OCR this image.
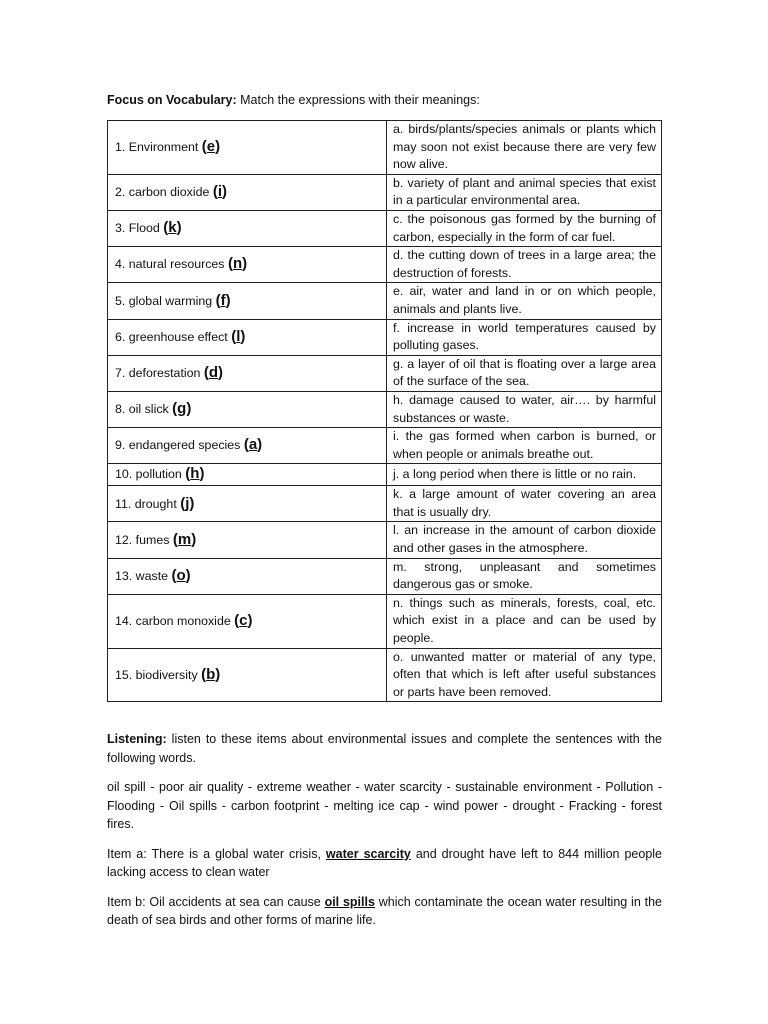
Focus on Vocabulary: Match the expressions with their meanings:

1. Environment (e)	a. birds/plants/species animals or plants which may soon not exist because there are very few now alive.
2. carbon dioxide (i)	b. variety of plant and animal species that exist in a particular environmental area.
3. Flood (k)	c. the poisonous gas formed by the burning of carbon, especially in the form of car fuel.
4. natural resources (n)	d. the cutting down of trees in a large area; the destruction of forests.
5. global warming (f)	e. air, water and land in or on which people, animals and plants live.
6. greenhouse effect (l)	f. increase in world temperatures caused by polluting gases.
7. deforestation (d)	g. a layer of oil that is floating over a large area of the surface of the sea.
8. oil slick (g)	h. damage caused to water, air…. by harmful substances or waste.
9. endangered species (a)	i. the gas formed when carbon is burned, or when people or animals breathe out.
10. pollution (h)	j. a long period when there is little or no rain.
11. drought (j)	k. a large amount of water covering an area that is usually dry.
12. fumes (m)	l. an increase in the amount of carbon dioxide and other gases in the atmosphere.
13. waste (o)	m. strong, unpleasant and sometimes dangerous gas or smoke.
14. carbon monoxide (c)	n. things such as minerals, forests, coal, etc. which exist in a place and can be used by people.
15. biodiversity (b)	o. unwanted matter or material of any type, often that which is left after useful substances or parts have been removed.

Listening: listen to these items about environmental issues and complete the sentences with the following words.

oil spill - poor air quality - extreme weather - water scarcity - sustainable environment - Pollution - Flooding - Oil spills - carbon footprint - melting ice cap - wind power - drought - Fracking - forest fires.

Item a: There is a global water crisis, water scarcity and drought have left to 844 million people lacking access to clean water

Item b: Oil accidents at sea can cause oil spills which contaminate the ocean water resulting in the death of sea birds and other forms of marine life.
